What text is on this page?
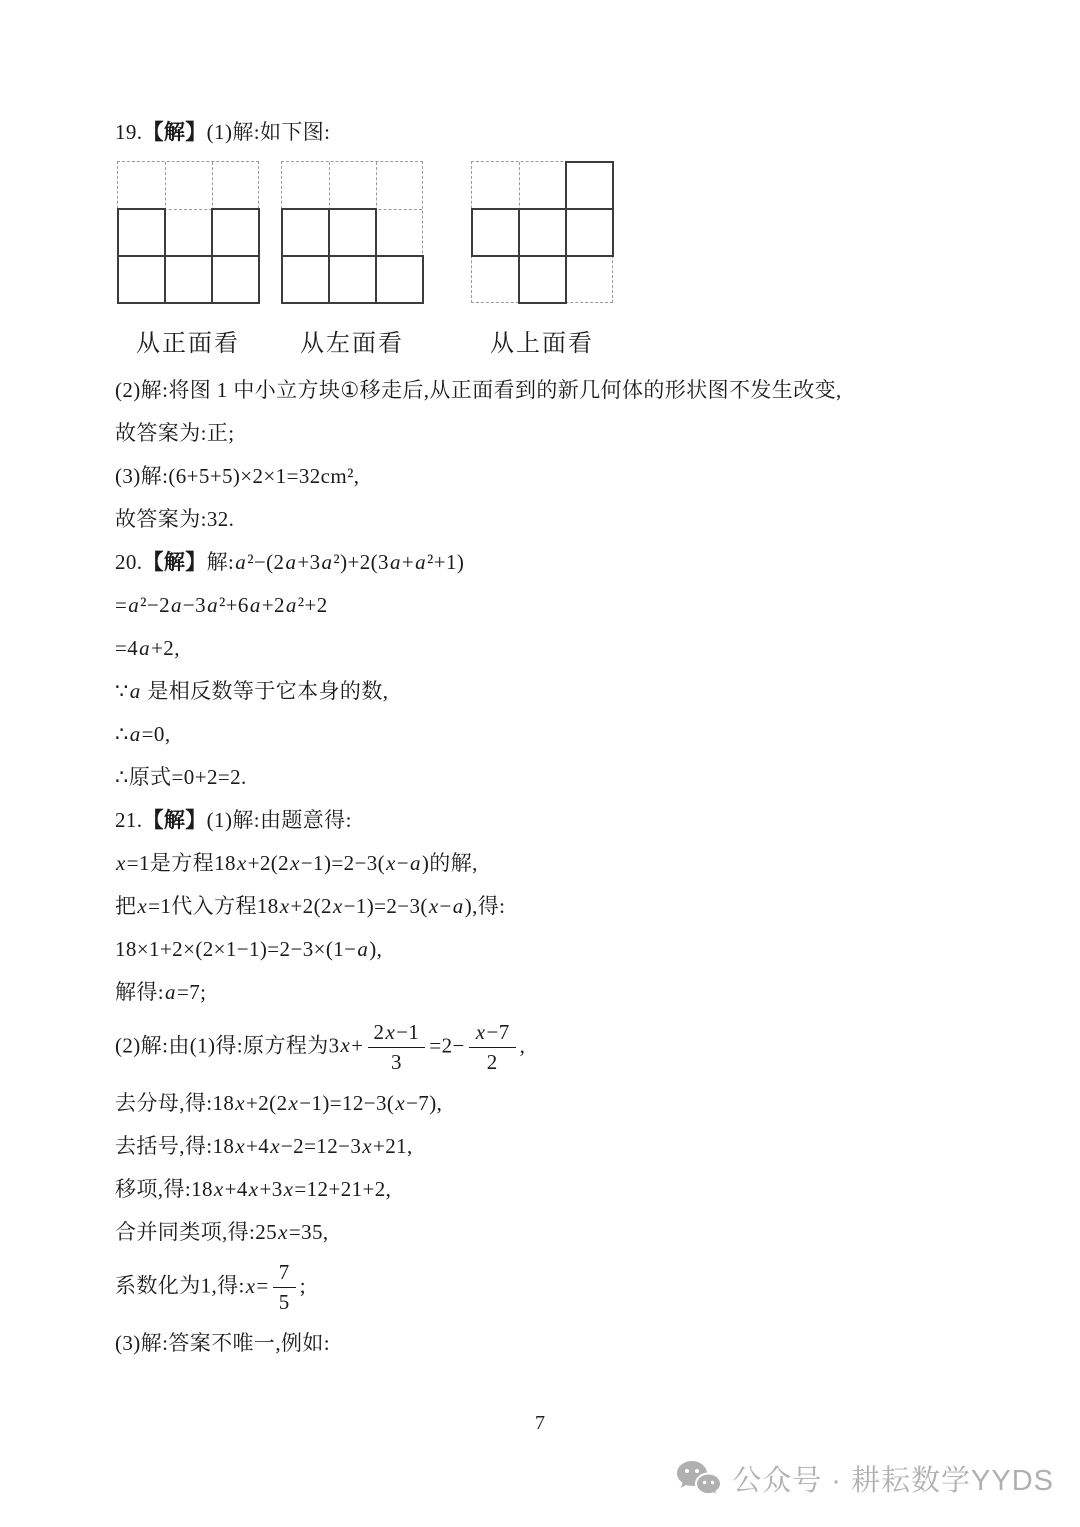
19.【解】(1)解:如下图:

从正面看	从左面看	从上面看

(2)解:将图 1 中小立方块①移走后,从正面看到的新几何体的形状图不发生改变,

故答案为:正;

(3)解:(6+5+5)×2×1=32cm²,

故答案为:32.

20.【解】解:a²−(2a+3a²)+2(3a+a²+1)

=a²−2a−3a²+6a+2a²+2

=4a+2,

∵a 是相反数等于它本身的数,

∴a=0,

∴原式=0+2=2.

21.【解】(1)解:由题意得:

x=1是方程18x+2(2x−1)=2−3(x−a)的解,

把x=1代入方程18x+2(2x−1)=2−3(x−a),得:

18×1+2×(2×1−1)=2−3×(1−a),

解得:a=7;

(2)解:由(1)得:原方程为$3x+ \frac{2x-1}{3} =2- \frac{x-7}{2}$ ,

去分母,得:18x+2(2x−1)=12−3(x−7),

去括号,得:18x+4x−2=12−3x+21,

移项,得:18x+4x+3x=12+21+2,

合并同类项,得:25x=35,

系数化为1,得:x= $\frac{7}{5}$ ;

(3)解:答案不唯一,例如:

7
公众号 · 耕耘数学YYDS
